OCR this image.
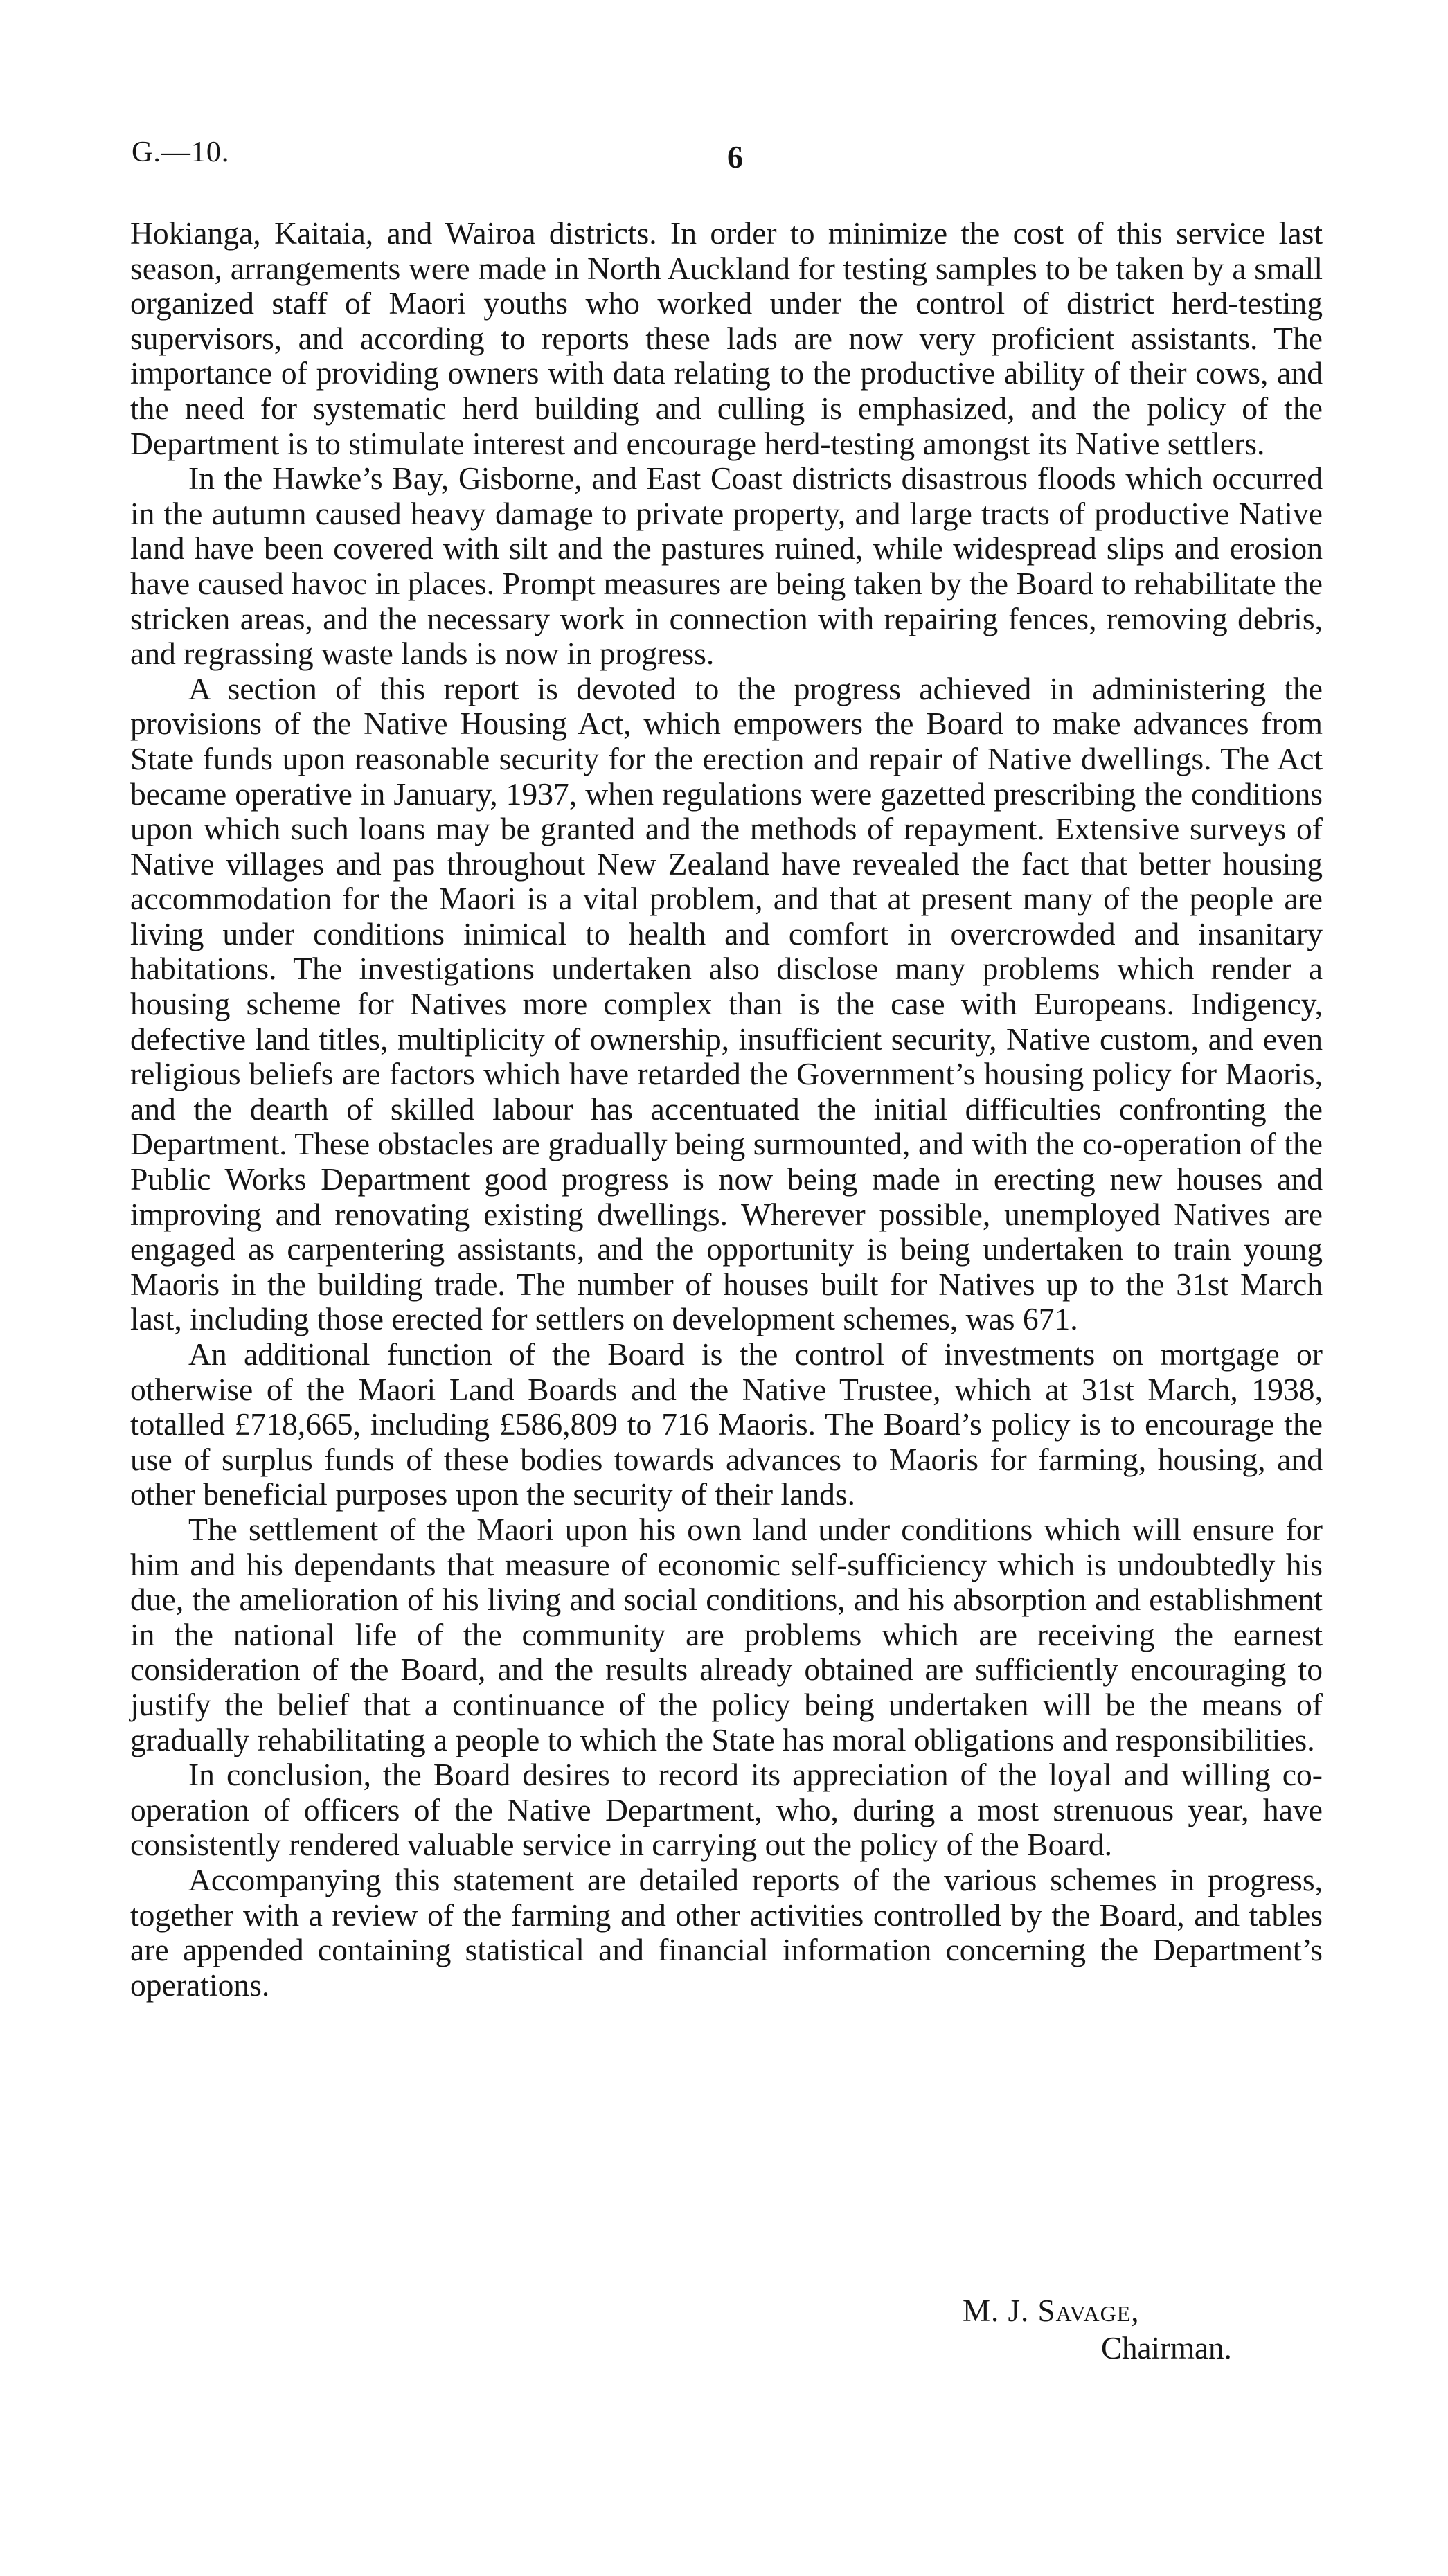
G.—10.	6

Hokianga, Kaitaia, and Wairoa districts. In order to minimize the cost of this service last season, arrangements were made in North Auckland for testing samples to be taken by a small organized staff of Maori youths who worked under the control of district herd-testing supervisors, and according to reports these lads are now very proficient assistants. The importance of providing owners with data relating to the productive ability of their cows, and the need for systematic herd building and culling is emphasized, and the policy of the Department is to stimulate interest and encourage herd-testing amongst its Native settlers.

In the Hawke’s Bay, Gisborne, and East Coast districts disastrous floods which occurred in the autumn caused heavy damage to private property, and large tracts of productive Native land have been covered with silt and the pastures ruined, while widespread slips and erosion have caused havoc in places. Prompt measures are being taken by the Board to rehabilitate the stricken areas, and the necessary work in connection with repairing fences, removing debris, and regrassing waste lands is now in progress.

A section of this report is devoted to the progress achieved in administering the provisions of the Native Housing Act, which empowers the Board to make advances from State funds upon reasonable security for the erection and repair of Native dwellings. The Act became operative in January, 1937, when regulations were gazetted prescribing the conditions upon which such loans may be granted and the methods of repayment. Extensive surveys of Native villages and pas throughout New Zealand have revealed the fact that better housing accommodation for the Maori is a vital problem, and that at present many of the people are living under conditions inimical to health and comfort in overcrowded and insanitary habitations. The investigations undertaken also disclose many problems which render a housing scheme for Natives more complex than is the case with Europeans. Indigency, defective land titles, multiplicity of ownership, insufficient security, Native custom, and even religious beliefs are factors which have retarded the Government’s housing policy for Maoris, and the dearth of skilled labour has accentuated the initial difficulties confronting the Department. These obstacles are gradually being surmounted, and with the co-operation of the Public Works Department good progress is now being made in erecting new houses and improving and renovating existing dwellings. Wherever possible, unemployed Natives are engaged as carpentering assistants, and the opportunity is being undertaken to train young Maoris in the building trade. The number of houses built for Natives up to the 31st March last, including those erected for settlers on development schemes, was 671.

An additional function of the Board is the control of investments on mortgage or otherwise of the Maori Land Boards and the Native Trustee, which at 31st March, 1938, totalled £718,665, including £586,809 to 716 Maoris. The Board’s policy is to encourage the use of surplus funds of these bodies towards advances to Maoris for farming, housing, and other beneficial purposes upon the security of their lands.

The settlement of the Maori upon his own land under conditions which will ensure for him and his dependants that measure of economic self-sufficiency which is undoubtedly his due, the amelioration of his living and social conditions, and his absorption and establishment in the national life of the community are problems which are receiving the earnest consideration of the Board, and the results already obtained are sufficiently encouraging to justify the belief that a continuance of the policy being undertaken will be the means of gradually rehabilitating a people to which the State has moral obligations and responsibilities.

In conclusion, the Board desires to record its appreciation of the loyal and willing co-operation of officers of the Native Department, who, during a most strenuous year, have consistently rendered valuable service in carrying out the policy of the Board.

Accompanying this statement are detailed reports of the various schemes in progress, together with a review of the farming and other activities controlled by the Board, and tables are appended containing statistical and financial information concerning the Department’s operations.

M. J. Savage,
Chairman.
